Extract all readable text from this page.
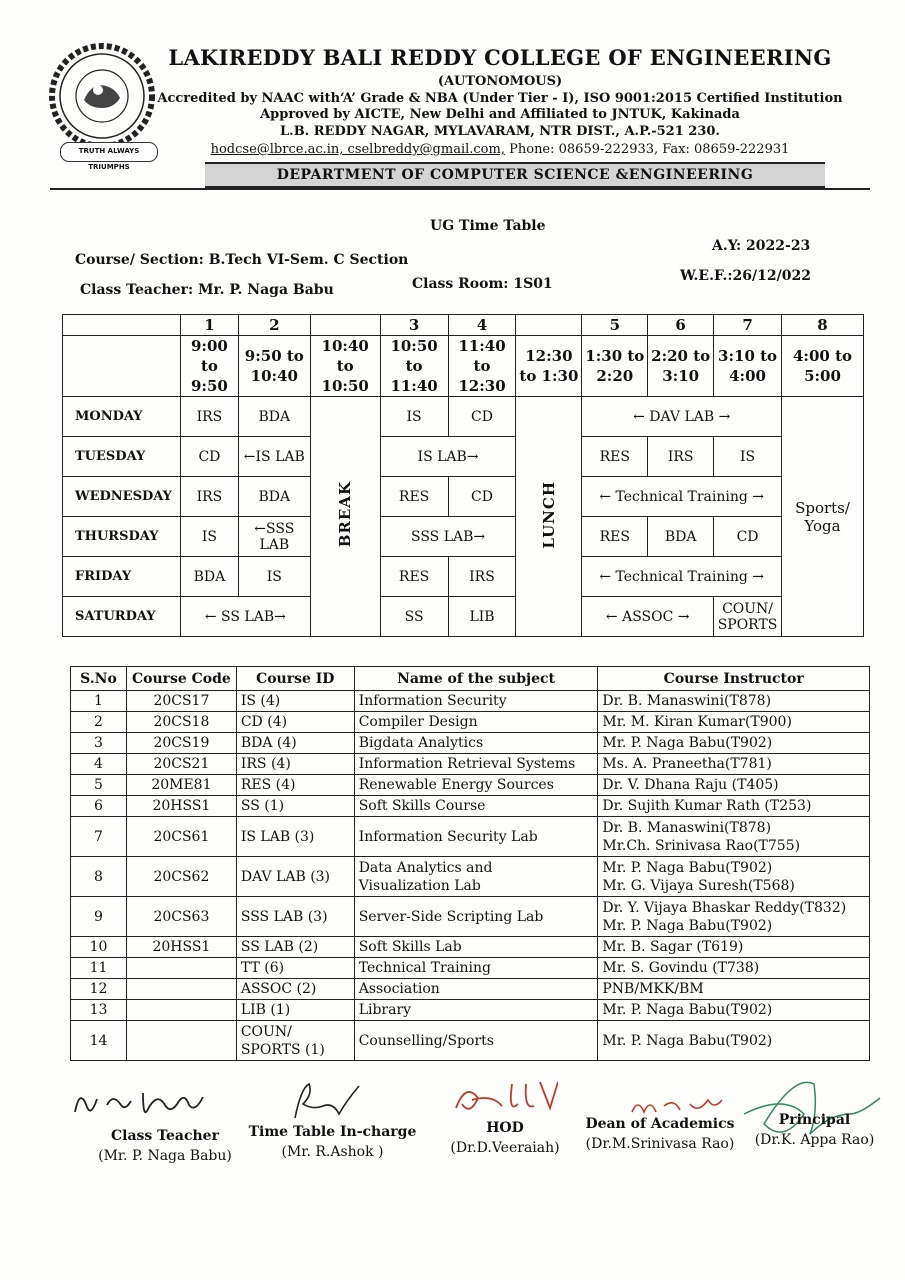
TRUTH ALWAYS TRIUMPHS
LAKIREDDY BALI REDDY COLLEGE OF ENGINEERING
(AUTONOMOUS)
Accredited by NAAC with‘A’ Grade & NBA (Under Tier - I), ISO 9001:2015 Certified Institution
Approved by AICTE, New Delhi and Affiliated to JNTUK, Kakinada
L.B. REDDY NAGAR, MYLAVARAM, NTR DIST., A.P.-521 230.
hodcse@lbrce.ac.in, cselbreddy@gmail.com, Phone: 08659-222933, Fax: 08659-222931
DEPARTMENT OF COMPUTER SCIENCE &ENGINEERING
UG Time Table
A.Y: 2022-23
Course/ Section: B.Tech VI-Sem. C Section
W.E.F.:26/12/022
Class Teacher: Mr. P. Naga Babu	Class Room: 1S01
	1	2		3	4		5	6	7	8
	9:00 to 9:50	9:50 to 10:40	10:40 to 10:50	10:50 to 11:40	11:40 to 12:30	12:30 to 1:30	1:30 to 2:20	2:20 to 3:10	3:10 to 4:00	4:00 to 5:00
MONDAY	IRS	BDA	BREAK	IS	CD	LUNCH	← DAV LAB →			Sports/ Yoga
TUESDAY	CD	←IS LAB		IS LAB→			RES	IRS	IS	
WEDNESDAY	IRS	BDA		RES	CD		← Technical Training →			
THURSDAY	IS	←SSS LAB		SSS LAB→			RES	BDA	CD	
FRIDAY	BDA	IS		RES	IRS		← Technical Training →			
SATURDAY	← SS LAB→			SS	LIB		← ASSOC →		COUN/ SPORTS	
S.No	Course Code	Course ID	Name of the subject	Course Instructor
1	20CS17	IS (4)	Information Security	Dr. B. Manaswini(T878)
2	20CS18	CD (4)	Compiler Design	Mr. M. Kiran Kumar(T900)
3	20CS19	BDA (4)	Bigdata Analytics	Mr. P. Naga Babu(T902)
4	20CS21	IRS (4)	Information Retrieval Systems	Ms. A. Praneetha(T781)
5	20ME81	RES (4)	Renewable Energy Sources	Dr. V. Dhana Raju (T405)
6	20HSS1	SS (1)	Soft Skills Course	Dr. Sujith Kumar Rath (T253)
7	20CS61	IS LAB (3)	Information Security Lab	Dr. B. Manaswini(T878)
Mr.Ch. Srinivasa Rao(T755)
8	20CS62	DAV LAB (3)	Data Analytics and
Visualization Lab	Mr. P. Naga Babu(T902)
Mr. G. Vijaya Suresh(T568)
9	20CS63	SSS LAB (3)	Server-Side Scripting Lab	Dr. Y. Vijaya Bhaskar Reddy(T832)
Mr. P. Naga Babu(T902)
10	20HSS1	SS LAB (2)	Soft Skills Lab	Mr. B. Sagar (T619)
11		TT (6)	Technical Training	Mr. S. Govindu (T738)
12		ASSOC (2)	Association	PNB/MKK/BM
13		LIB (1)	Library	Mr. P. Naga Babu(T902)
14		COUN/
SPORTS (1)	Counselling/Sports	Mr. P. Naga Babu(T902)
Class Teacher
(Mr. P. Naga Babu)
Time Table In-charge
(Mr. R.Ashok )
HOD
(Dr.D.Veeraiah)
Dean of Academics
(Dr.M.Srinivasa Rao)
Principal
(Dr.K. Appa Rao)
